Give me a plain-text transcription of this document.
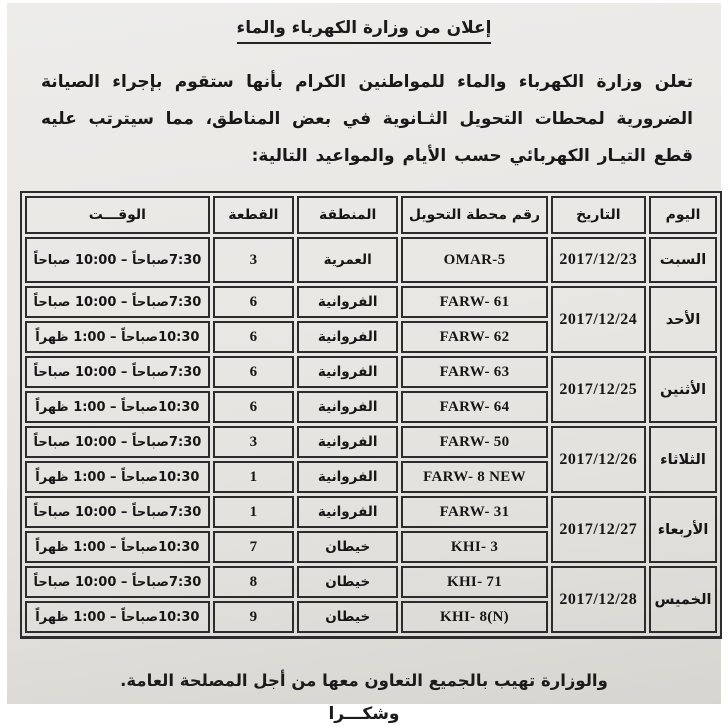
إعلان من وزارة الكهرباء والماء

تعلن وزارة الكهرباء والماء للمواطنين الكرام بأنها ستقوم بإجراء الصيانة الضرورية لمحطات التحويل الثـانوية في بعض المناطق، مما سيترتب عليه قطع التيـار الكهربائي حسب الأيام والمواعيد التالية:

اليوم	التاريخ	رقم محطة التحويل	المنطقة	القطعة	الوقـــت
السبت	2017/12/23	OMAR-5	العمرية	3	7:30صباحاً – 10:00 صباحاً
الأحد	2017/12/24	FARW- 61	الفروانية	6	7:30صباحاً – 10:00 صباحاً
		FARW- 62	الفروانية	6	10:30صباحاً – 1:00 ظهراً
الأثنين	2017/12/25	FARW- 63	الفروانية	6	7:30صباحاً – 10:00 صباحاً
		FARW- 64	الفروانية	6	10:30صباحاً – 1:00 ظهراً
الثلاثاء	2017/12/26	FARW- 50	الفروانية	3	7:30صباحاً – 10:00 صباحاً
		FARW- 8 NEW	الفروانية	1	10:30صباحاً – 1:00 ظهراً
الأربعاء	2017/12/27	FARW- 31	الفروانية	1	7:30صباحاً – 10:00 صباحاً
		KHI- 3	خيطان	7	10:30صباحاً – 1:00 ظهراً
الخميس	2017/12/28	KHI- 71	خيطان	8	7:30صباحاً – 10:00 صباحاً
		KHI- 8(N)	خيطان	9	10:30صباحاً – 1:00 ظهراً
والوزارة تهيب بالجميع التعاون معها من أجل المصلحة العامة.
وشكـــرا
